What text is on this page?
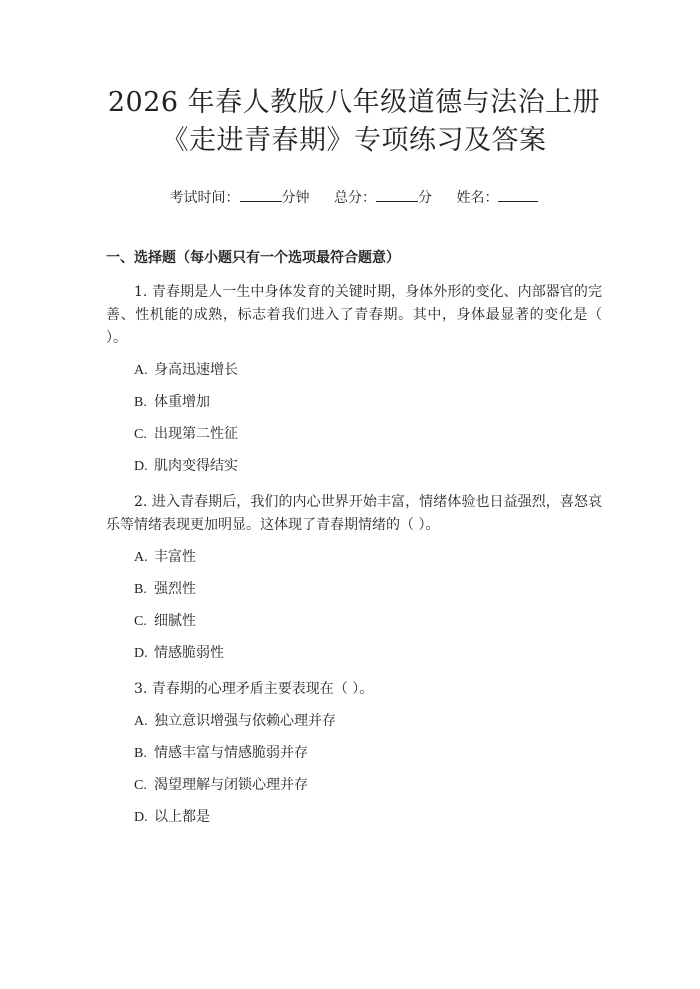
2026 年春人教版八年级道德与法治上册《走进青春期》专项练习及答案
考试时间：	分钟 总分：	分 姓名：
一、选择题（每小题只有一个选项最符合题意）
1. 青春期是人一生中身体发育的关键时期，身体外形的变化、内部器官的完善、性机能的成熟，标志着我们进入了青春期。其中，身体最显著的变化是（ ）。
A. 身高迅速增长
B. 体重增加
C. 出现第二性征
D. 肌肉变得结实
2. 进入青春期后，我们的内心世界开始丰富，情绪体验也日益强烈，喜怒哀乐等情绪表现更加明显。这体现了青春期情绪的（ ）。
A. 丰富性
B. 强烈性
C. 细腻性
D. 情感脆弱性
3. 青春期的心理矛盾主要表现在（ ）。
A. 独立意识增强与依赖心理并存
B. 情感丰富与情感脆弱并存
C. 渴望理解与闭锁心理并存
D. 以上都是
